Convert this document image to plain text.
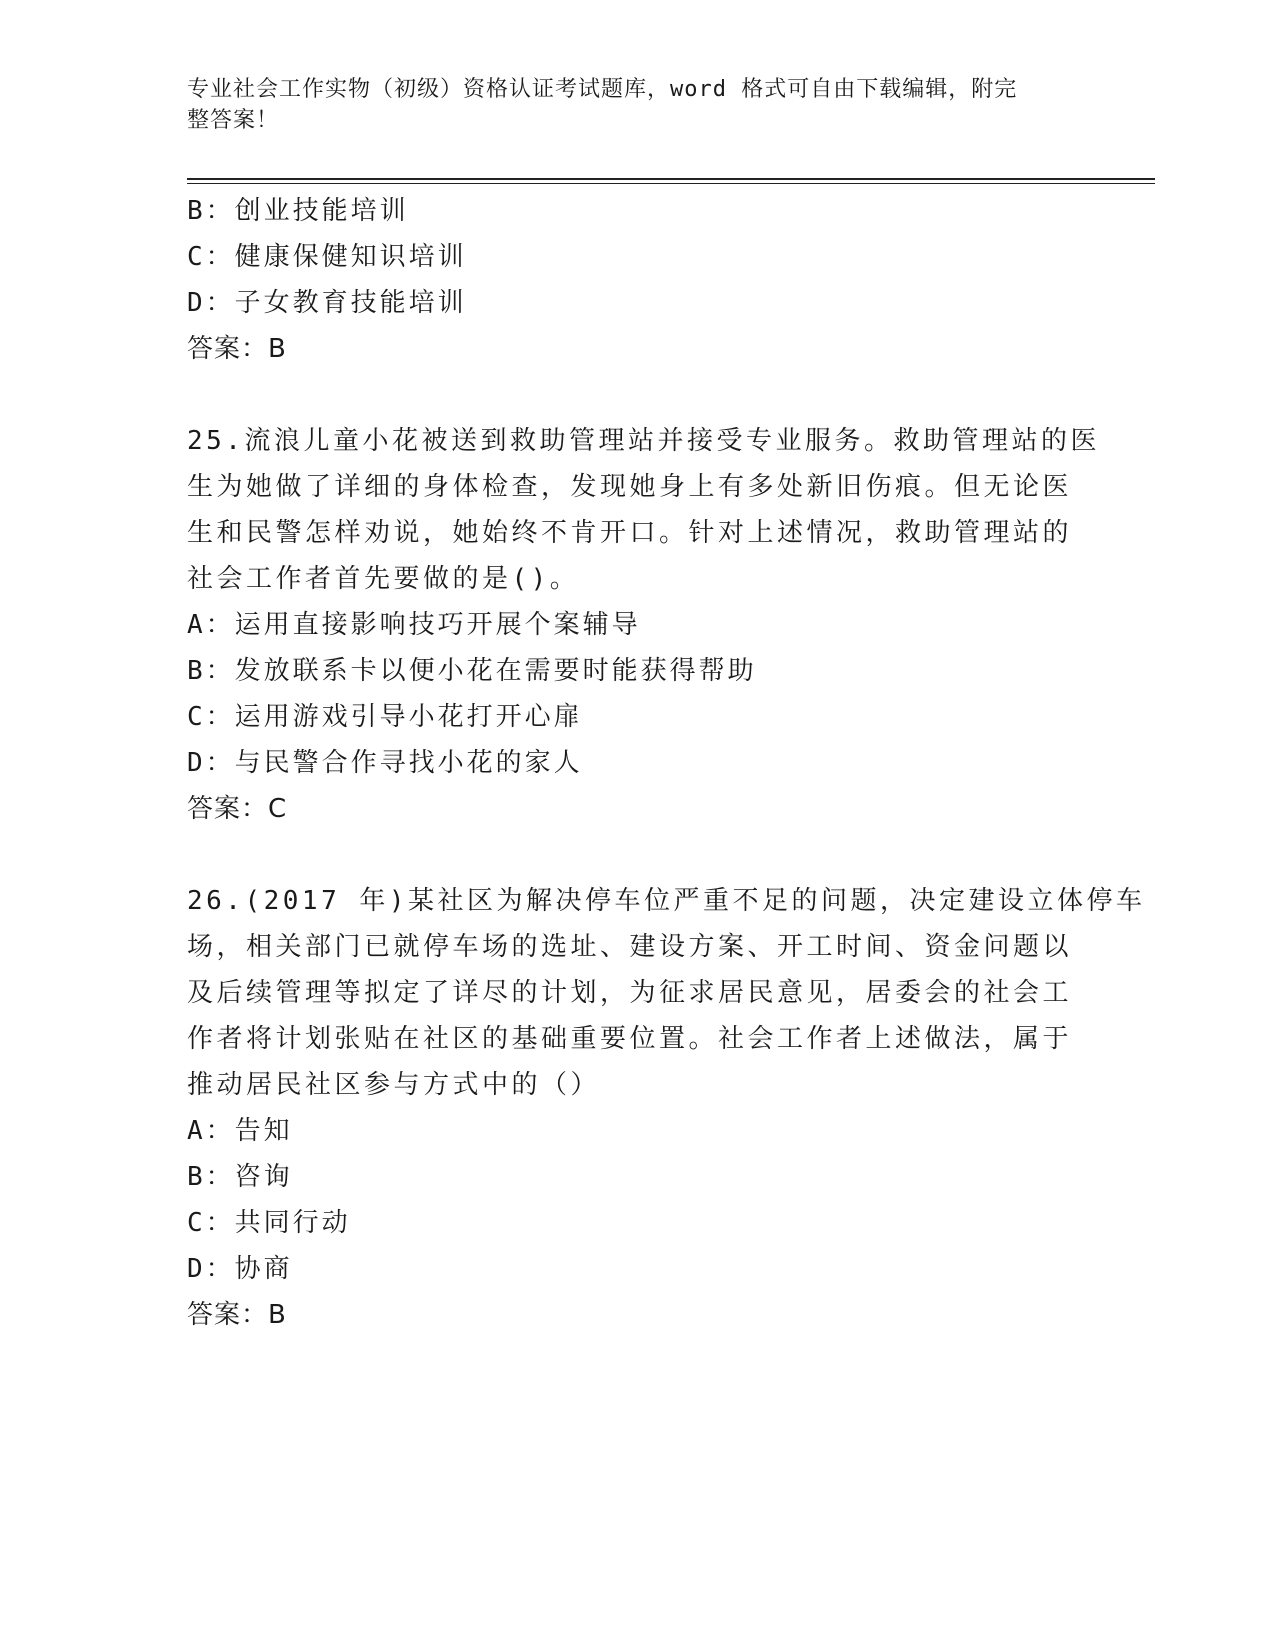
专业社会工作实物（初级）资格认证考试题库，word 格式可自由下载编辑，附完
整答案！
B：创业技能培训
C：健康保健知识培训
D：子女教育技能培训
答案：B
25.流浪儿童小花被送到救助管理站并接受专业服务。救助管理站的医
生为她做了详细的身体检查，发现她身上有多处新旧伤痕。但无论医
生和民警怎样劝说，她始终不肯开口。针对上述情况，救助管理站的
社会工作者首先要做的是()。
A：运用直接影响技巧开展个案辅导
B：发放联系卡以便小花在需要时能获得帮助
C：运用游戏引导小花打开心扉
D：与民警合作寻找小花的家人
答案：C
26.(2017 年)某社区为解决停车位严重不足的问题，决定建设立体停车
场，相关部门已就停车场的选址、建设方案、开工时间、资金问题以
及后续管理等拟定了详尽的计划，为征求居民意见，居委会的社会工
作者将计划张贴在社区的基础重要位置。社会工作者上述做法，属于
推动居民社区参与方式中的（）
A：告知
B：咨询
C：共同行动
D：协商
答案：B
